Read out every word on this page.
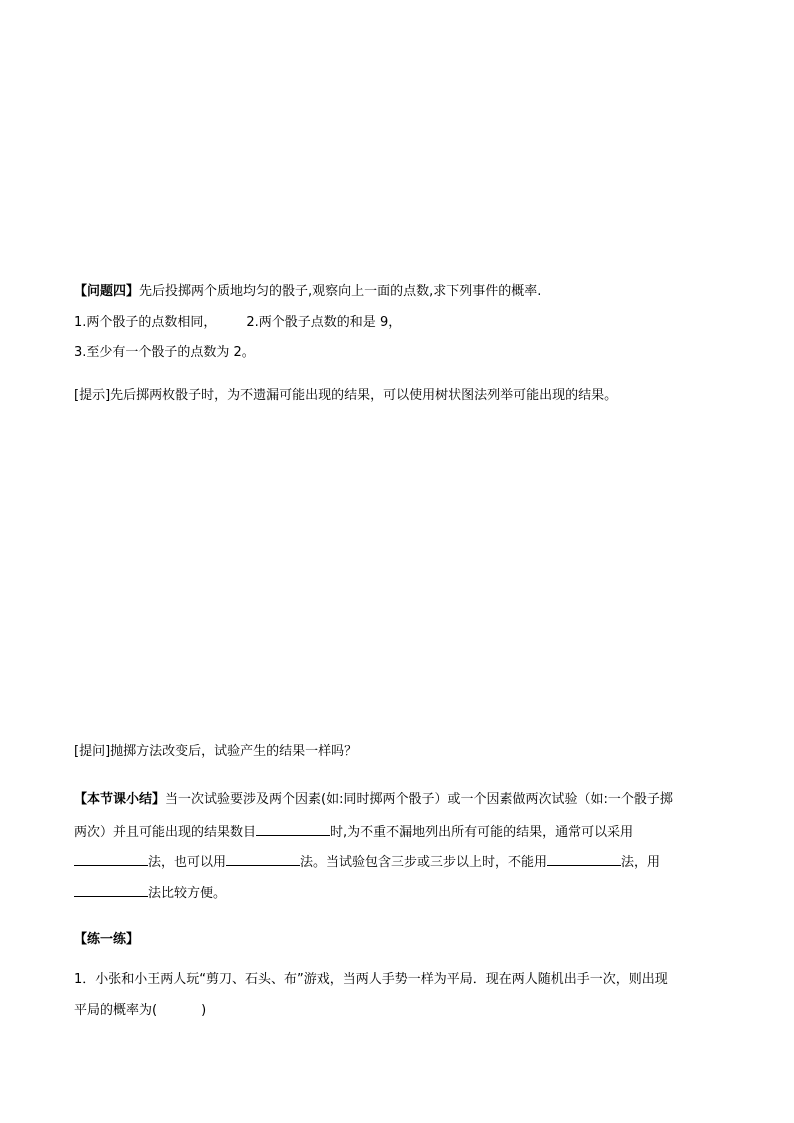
【问题四】先后投掷两个质地均匀的骰子,观察向上一面的点数,求下列事件的概率.
1.两个骰子的点数相同， 2.两个骰子点数的和是 9，
3.至少有一个骰子的点数为 2。
[提示]先后掷两枚骰子时，为不遗漏可能出现的结果，可以使用树状图法列举可能出现的结果。
[提问]抛掷方法改变后，试验产生的结果一样吗？
【本节课小结】当一次试验要涉及两个因素(如:同时掷两个骰子）或一个因素做两次试验（如:一个骰子掷
两次）并且可能出现的结果数目	时,为不重不漏地列出所有可能的结果，通常可以采用
法，也可以用	法。当试验包含三步或三步以上时，不能用	法，用
法比较方便。
【练一练】
1．小张和小王两人玩“剪刀、石头、布”游戏，当两人手势一样为平局．现在两人随机出手一次，则出现
平局的概率为(	)
